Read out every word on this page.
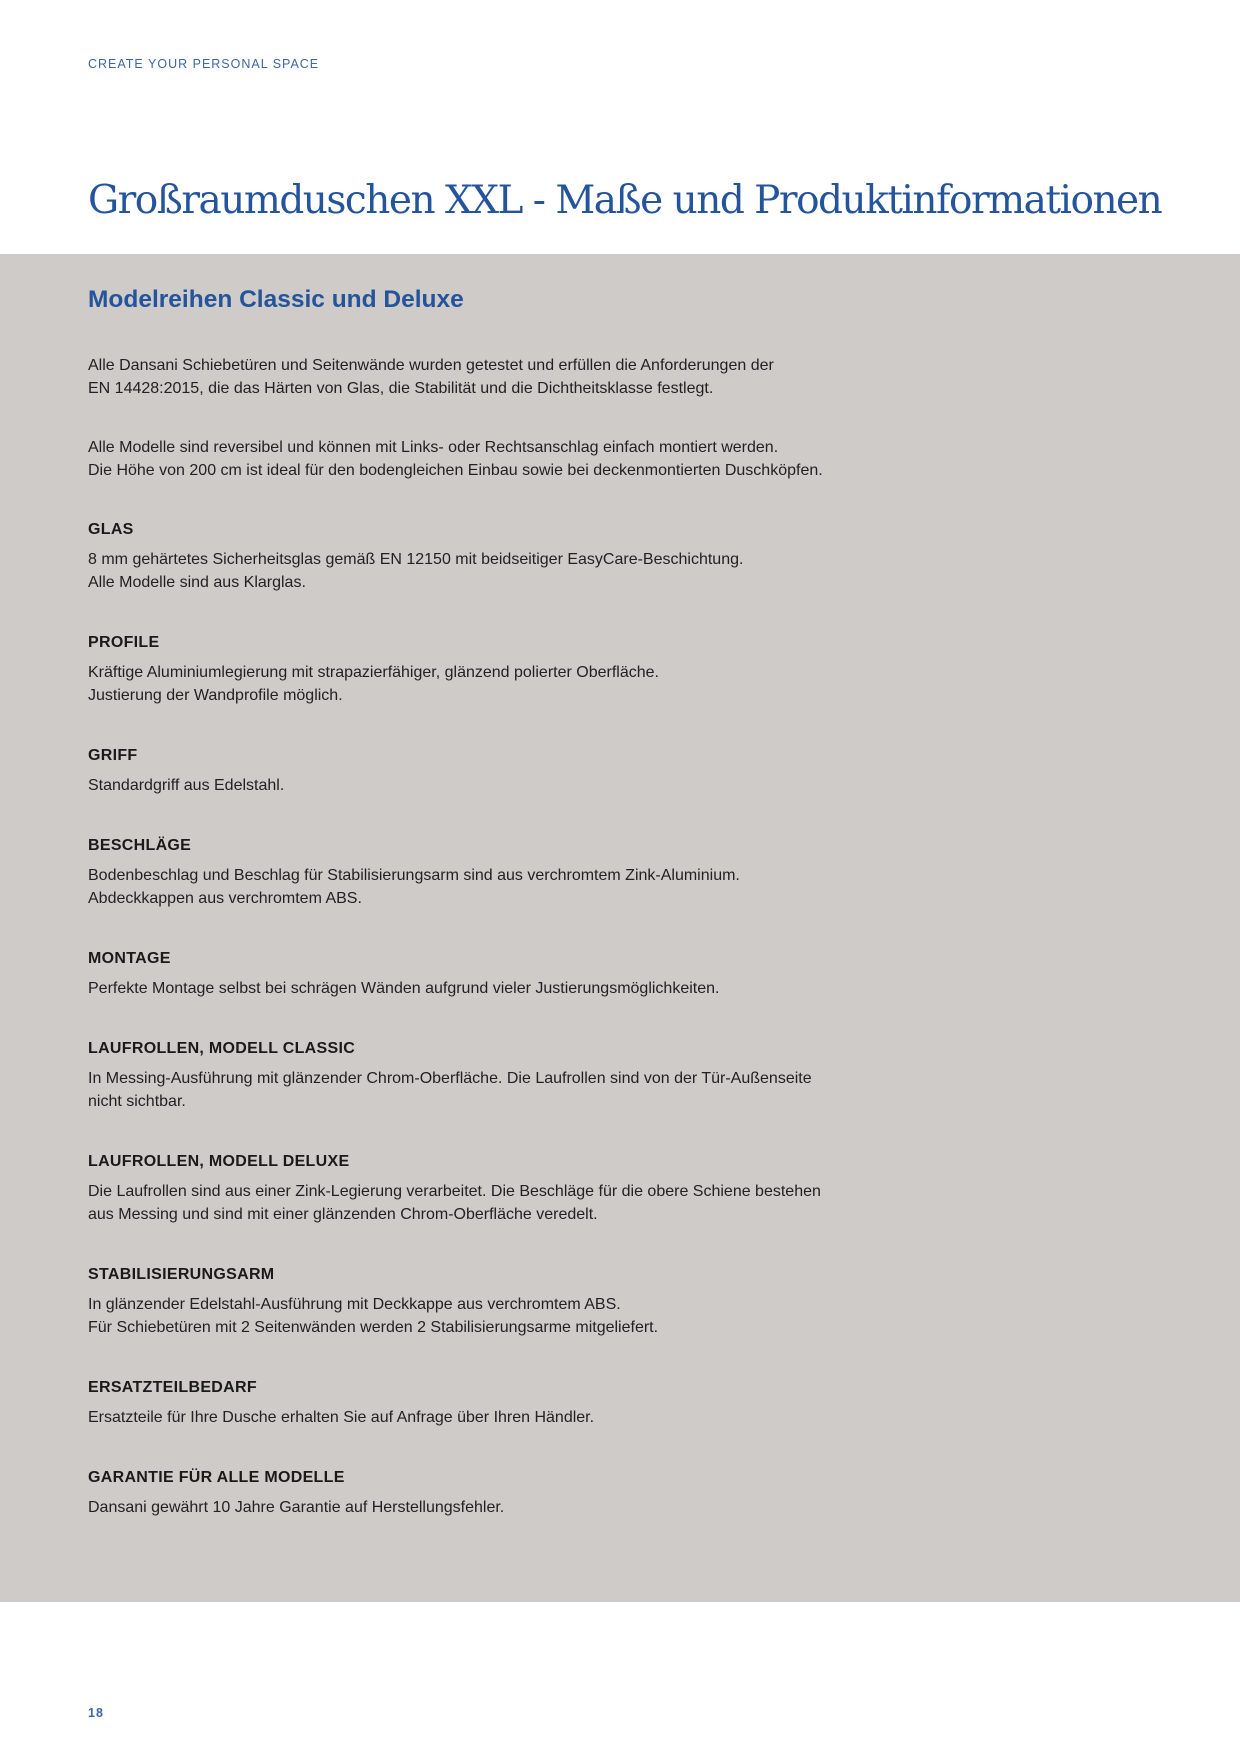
CREATE YOUR PERSONAL SPACE
Großraumduschen XXL - Maße und Produktinformationen
Modelreihen Classic und Deluxe

Alle Dansani Schiebetüren und Seitenwände wurden getestet und erfüllen die Anforderungen der
EN 14428:2015, die das Härten von Glas, die Stabilität und die Dichtheitsklasse festlegt.

Alle Modelle sind reversibel und können mit Links- oder Rechtsanschlag einfach montiert werden.
Die Höhe von 200 cm ist ideal für den bodengleichen Einbau sowie bei deckenmontierten Duschköpfen.

GLAS

8 mm gehärtetes Sicherheitsglas gemäß EN 12150 mit beidseitiger EasyCare-Beschichtung.
Alle Modelle sind aus Klarglas.

PROFILE

Kräftige Aluminiumlegierung mit strapazierfähiger, glänzend polierter Oberfläche.
Justierung der Wandprofile möglich.

GRIFF

Standardgriff aus Edelstahl.

BESCHLÄGE

Bodenbeschlag und Beschlag für Stabilisierungsarm sind aus verchromtem Zink-Aluminium.
Abdeckkappen aus verchromtem ABS.

MONTAGE

Perfekte Montage selbst bei schrägen Wänden aufgrund vieler Justierungsmöglichkeiten.

LAUFROLLEN, MODELL CLASSIC

In Messing-Ausführung mit glänzender Chrom-Oberfläche. Die Laufrollen sind von der Tür-Außenseite
nicht sichtbar.

LAUFROLLEN, MODELL DELUXE

Die Laufrollen sind aus einer Zink-Legierung verarbeitet. Die Beschläge für die obere Schiene bestehen
aus Messing und sind mit einer glänzenden Chrom-Oberfläche veredelt.

STABILISIERUNGSARM

In glänzender Edelstahl-Ausführung mit Deckkappe aus verchromtem ABS.
Für Schiebetüren mit 2 Seitenwänden werden 2 Stabilisierungsarme mitgeliefert.

ERSATZTEILBEDARF

Ersatzteile für Ihre Dusche erhalten Sie auf Anfrage über Ihren Händler.

GARANTIE FÜR ALLE MODELLE

Dansani gewährt 10 Jahre Garantie auf Herstellungsfehler.

18
